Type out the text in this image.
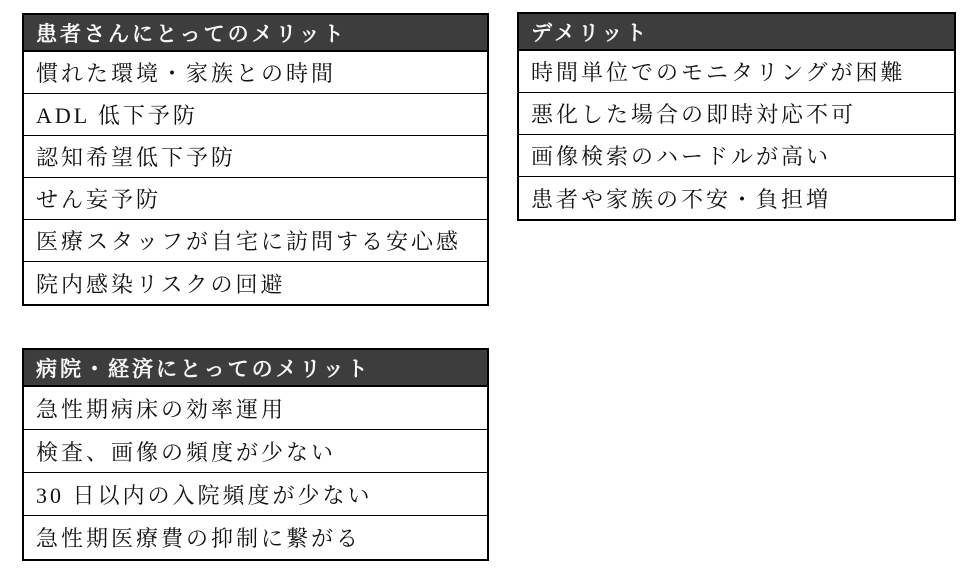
患者さんにとってのメリット
慣れた環境・家族との時間
ADL 低下予防
認知希望低下予防
せん妄予防
医療スタッフが自宅に訪問する安心感
院内感染リスクの回避
デメリット
時間単位でのモニタリングが困難
悪化した場合の即時対応不可
画像検索のハードルが高い
患者や家族の不安・負担増
病院・経済にとってのメリット
急性期病床の効率運用
検査、画像の頻度が少ない
30 日以内の入院頻度が少ない
急性期医療費の抑制に繋がる
